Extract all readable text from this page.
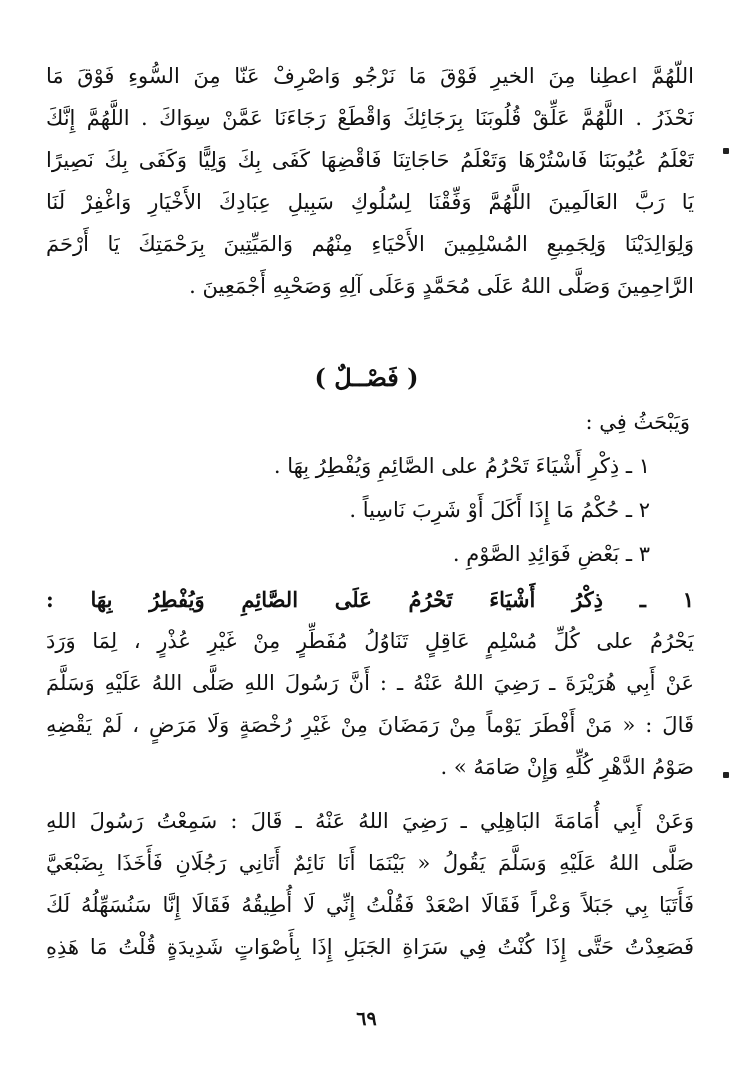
اللّهُمَّ اعطِنا مِنَ الخيرِ فَوْقَ مَا نَرْجُو وَاصْرِفْ عَنّا مِنَ السُّوءِ فَوْقَ مَا
نَحْذَرُ . اللَّهُمَّ عَلِّقْ قُلُوبَنَا بِرَجَائِكَ وَاقْطَعْ رَجَاءَنَا عَمَّنْ سِوَاكَ . اللَّهُمَّ إِنَّكَ
تَعْلَمُ عُيُوبَنَا فَاسْتُرْهَا وَتَعْلَمُ حَاجَاتِنَا فَاقْضِهَا كَفَى بِكَ وَلِيًّا وَكَفَى بِكَ نَصِيرًا
يَا رَبَّ العَالَمِينَ اللَّهُمَّ وَفِّقْنَا لِسُلُوكِ سَبِيلِ عِبَادِكَ الأَخْيَارِ وَاغْفِرْ لَنَا
وَلِوَالِدَيْنَا وَلِجَمِيعِ المُسْلِمِينَ الأَحْيَاءِ مِنْهُم وَالمَيِّتِينَ بِرَحْمَتِكَ يَا أَرْحَمَ
الرَّاحِمِينَ وَصَلَّى اللهُ عَلَى مُحَمَّدٍ وَعَلَى آلِهِ وَصَحْبِهِ أَجْمَعِينَ .
( فَصْــلٌ )
وَيَبْحَثُ فِي :
١ ـ ذِكْرِ أَشْيَاءَ تَحْرُمُ على الصَّائِمِ وَيُفْطِرُ بِهَا .
٢ ـ حُكْمُ مَا إِذَا أَكَلَ أَوْ شَرِبَ نَاسِياً .
٣ ـ بَعْضِ فَوَائِدِ الصَّوْمِ .
١ ـ ذِكْرُ أَشْيَاءَ تَحْرُمُ عَلَى الصَّائِمِ وَيُفْطِرُ بِهَا :
يَحْرُمُ على كُلِّ مُسْلِمٍ عَاقِلٍ تَنَاوُلُ مُفَطِّرٍ مِنْ غَيْرِ عُذْرٍ ، لِمَا وَرَدَ
عَنْ أَبِي هُرَيْرَةَ ـ رَضِيَ اللهُ عَنْهُ ـ : أَنَّ رَسُولَ اللهِ صَلَّى اللهُ عَلَيْهِ وَسَلَّمَ
قَالَ : « مَنْ أَفْطَرَ يَوْماً مِنْ رَمَضَانَ مِنْ غَيْرِ رُخْصَةٍ وَلَا مَرَضٍ ، لَمْ يَقْضِهِ
صَوْمُ الدَّهْرِ كُلِّهِ وَإِنْ صَامَهُ » .
وَعَنْ أَبِي أُمَامَةَ البَاهِلِي ـ رَضِيَ اللهُ عَنْهُ ـ قَالَ : سَمِعْتُ رَسُولَ اللهِ
صَلَّى اللهُ عَلَيْهِ وَسَلَّمَ يَقُولُ « بَيْنَمَا أَنَا نَائِمٌ أَتَانِي رَجُلَانِ فَأَخَذَا بِضَبْعَيَّ
فَأَتَيَا بِي جَبَلاً وَعْراً فَقَالَا اصْعَدْ فَقُلْتُ إِنِّي لَا أُطِيقُهُ فَقَالَا إِنَّا سَنُسَهِّلُهُ لَكَ
فَصَعِدْتُ حَتَّى إِذَا كُنْتُ فِي سَرَاةِ الجَبَلِ إِذَا بِأَصْوَاتٍ شَدِيدَةٍ قُلْتُ مَا هَذِهِ
٦٩
